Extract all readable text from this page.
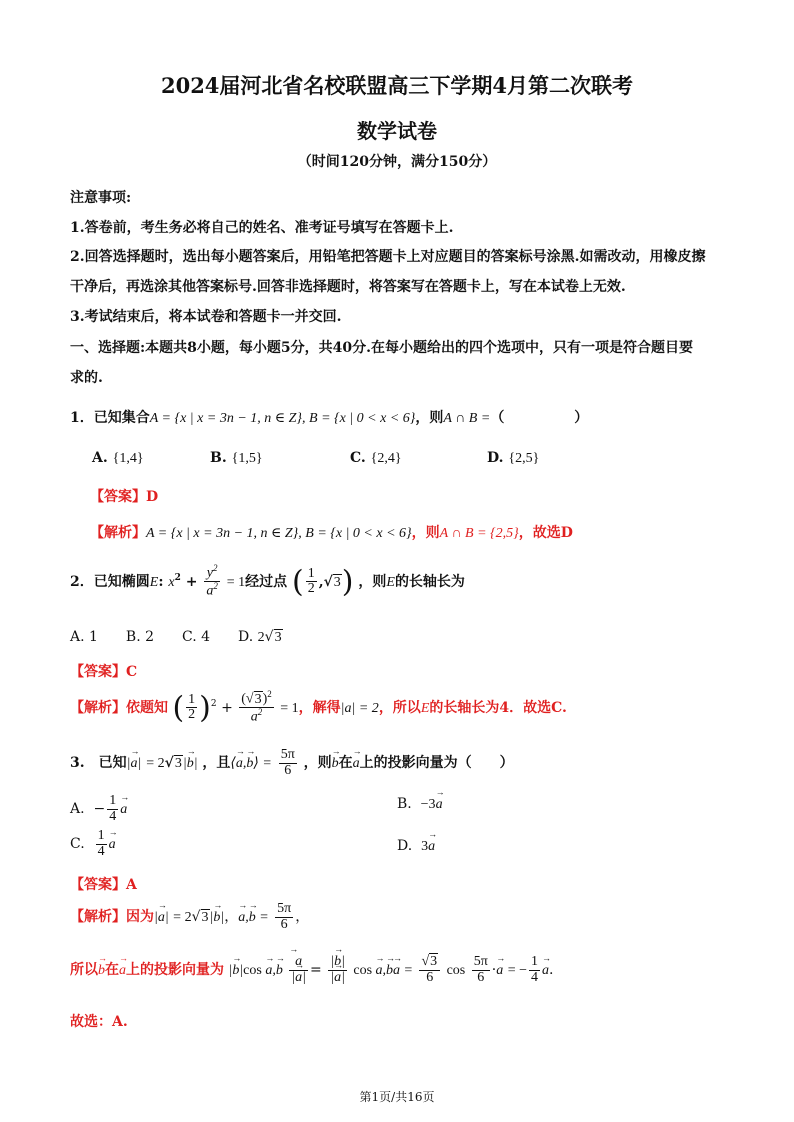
2024届河北省名校联盟高三下学期4月第二次联考
数学试卷
（时间120分钟，满分150分）
注意事项:
1.答卷前，考生务必将自己的姓名、准考证号填写在答题卡上.
2.回答选择题时，选出每小题答案后，用铅笔把答题卡上对应题目的答案标号涂黑.如需改动，用橡皮擦
干净后，再选涂其他答案标号.回答非选择题时，将答案写在答题卡上，写在本试卷上无效.
3.考试结束后，将本试卷和答题卡一并交回.
一、选择题:本题共8小题，每小题5分，共40分.在每小题给出的四个选项中，只有一项是符合题目要
求的.
1．已知集合A = {x | x = 3n − 1, n ∈ Z}, B = {x | 0 < x < 6}，则A ∩ B =（　　　　　）
A. {1,4}	B. {1,5}	C. {2,4}	D. {2,5}
【答案】D
【解析】A = {x | x = 3n − 1, n ∈ Z}, B = {x | 0 < x < 6}，则A ∩ B = {2,5}，故选D
2．已知椭圆E: $x^2 + \frac{y^2}{a^2} = 1$经过点 ( $\frac{1}{2} ,√3$) ，则E的长轴长为
A. 1　　B. 2　　C. 4　　D. 2√3
【答案】C
【解析】依题知 ( $\frac{1}{2} )^2 + \frac{(√3)^2}{a^2} = 1$，解得|a| = 2，所以E的长轴长为4．故选C.
3.　已知|→ a| = 2√3|→ b| ，且⟨→ a,→ b⟩ = $\frac{5\pi}{6}$ ，则→ b在→ a上的投影向量为（　　）
A.  − $\frac{1}{4}$
→ a	B. −3→ a
C. $\frac{1}{4}$
→ a	D. 3→ a
【答案】A
【解析】因为|→ a| = 2√3|→ b|，→ $a,\to b = \frac{5\pi}{6}$ ，
所以→ b在→ a上的投影向量为 |→ b|cos → a,→ b
→ $\frac{a}{|\to a|} = \frac{|\to b|}{|\to a|}$ $\cos \to a,\to b\to a = \frac{√3}{6}$ $\cos \frac{5\pi}{6} \cdot\to a$ = − $\frac{1}{4}$
→ a.
故选：A.
第1页/共16页
